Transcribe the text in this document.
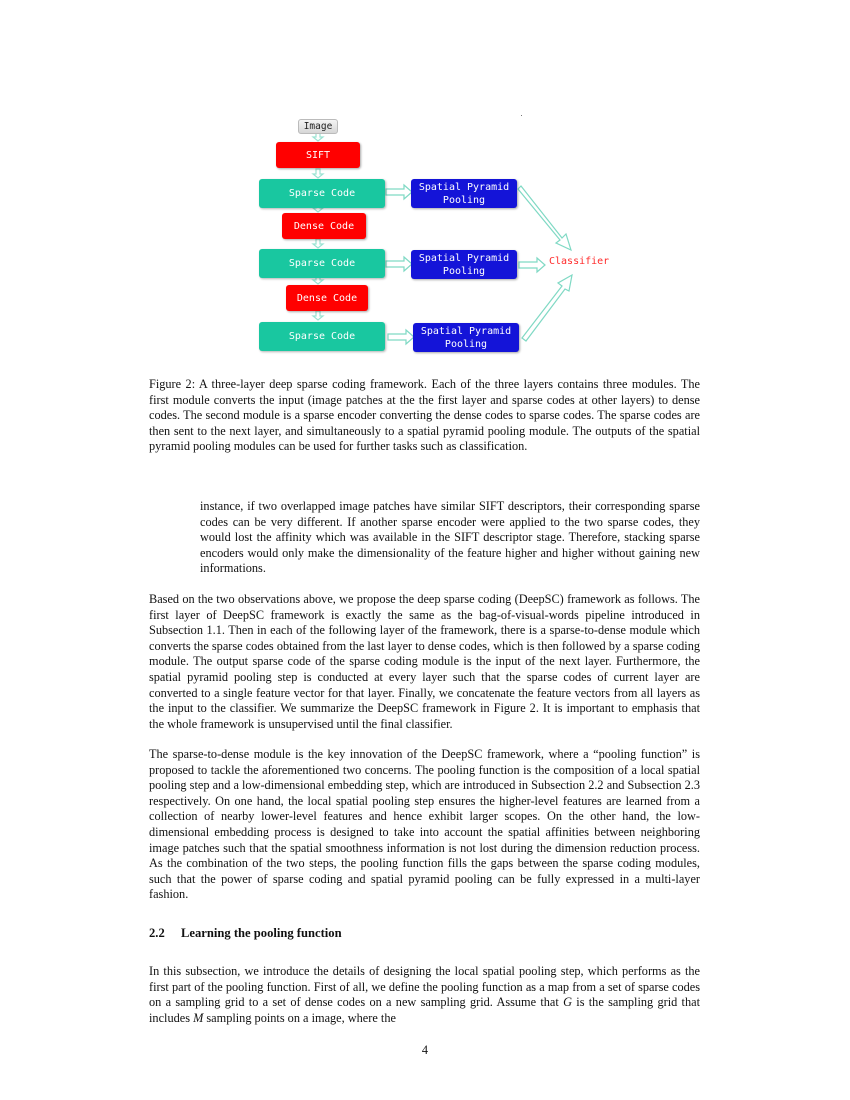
Image
SIFT
Sparse Code
Spatial Pyramid
Pooling
Dense Code
Sparse Code	Spatial Pyramid
Pooling
Classifier
Dense Code
Sparse Code	Spatial Pyramid
Pooling

Figure 2: A three-layer deep sparse coding framework. Each of the three layers contains three modules. The first module converts the input (image patches at the the first layer and sparse codes at other layers) to dense codes. The second module is a sparse encoder converting the dense codes to sparse codes. The sparse codes are then sent to the next layer, and simultaneously to a spatial pyramid pooling module. The outputs of the spatial pyramid pooling modules can be used for further tasks such as classification.

instance, if two overlapped image patches have similar SIFT descriptors, their corresponding sparse codes can be very different. If another sparse encoder were applied to the two sparse codes, they would lost the affinity which was available in the SIFT descriptor stage. Therefore, stacking sparse encoders would only make the dimensionality of the feature higher and higher without gaining new informations.

Based on the two observations above, we propose the deep sparse coding (DeepSC) framework as follows. The first layer of DeepSC framework is exactly the same as the bag-of-visual-words pipeline introduced in Subsection 1.1. Then in each of the following layer of the framework, there is a sparse-to-dense module which converts the sparse codes obtained from the last layer to dense codes, which is then followed by a sparse coding module. The output sparse code of the sparse coding module is the input of the next layer. Furthermore, the spatial pyramid pooling step is conducted at every layer such that the sparse codes of current layer are converted to a single feature vector for that layer. Finally, we concatenate the feature vectors from all layers as the input to the classifier. We summarize the DeepSC framework in Figure 2. It is important to emphasis that the whole framework is unsupervised until the final classifier.

The sparse-to-dense module is the key innovation of the DeepSC framework, where a “pooling function” is proposed to tackle the aforementioned two concerns. The pooling function is the composition of a local spatial pooling step and a low-dimensional embedding step, which are introduced in Subsection 2.2 and Subsection 2.3 respectively. On one hand, the local spatial pooling step ensures the higher-level features are learned from a collection of nearby lower-level features and hence exhibit larger scopes. On the other hand, the low-dimensional embedding process is designed to take into account the spatial affinities between neighboring image patches such that the spatial smoothness information is not lost during the dimension reduction process. As the combination of the two steps, the pooling function fills the gaps between the sparse coding modules, such that the power of sparse coding and spatial pyramid pooling can be fully expressed in a multi-layer fashion.

2.2 Learning the pooling function

In this subsection, we introduce the details of designing the local spatial pooling step, which performs as the first part of the pooling function. First of all, we define the pooling function as a map from a set of sparse codes on a sampling grid to a set of dense codes on a new sampling grid. Assume that G is the sampling grid that includes M sampling points on a image, where the

4
